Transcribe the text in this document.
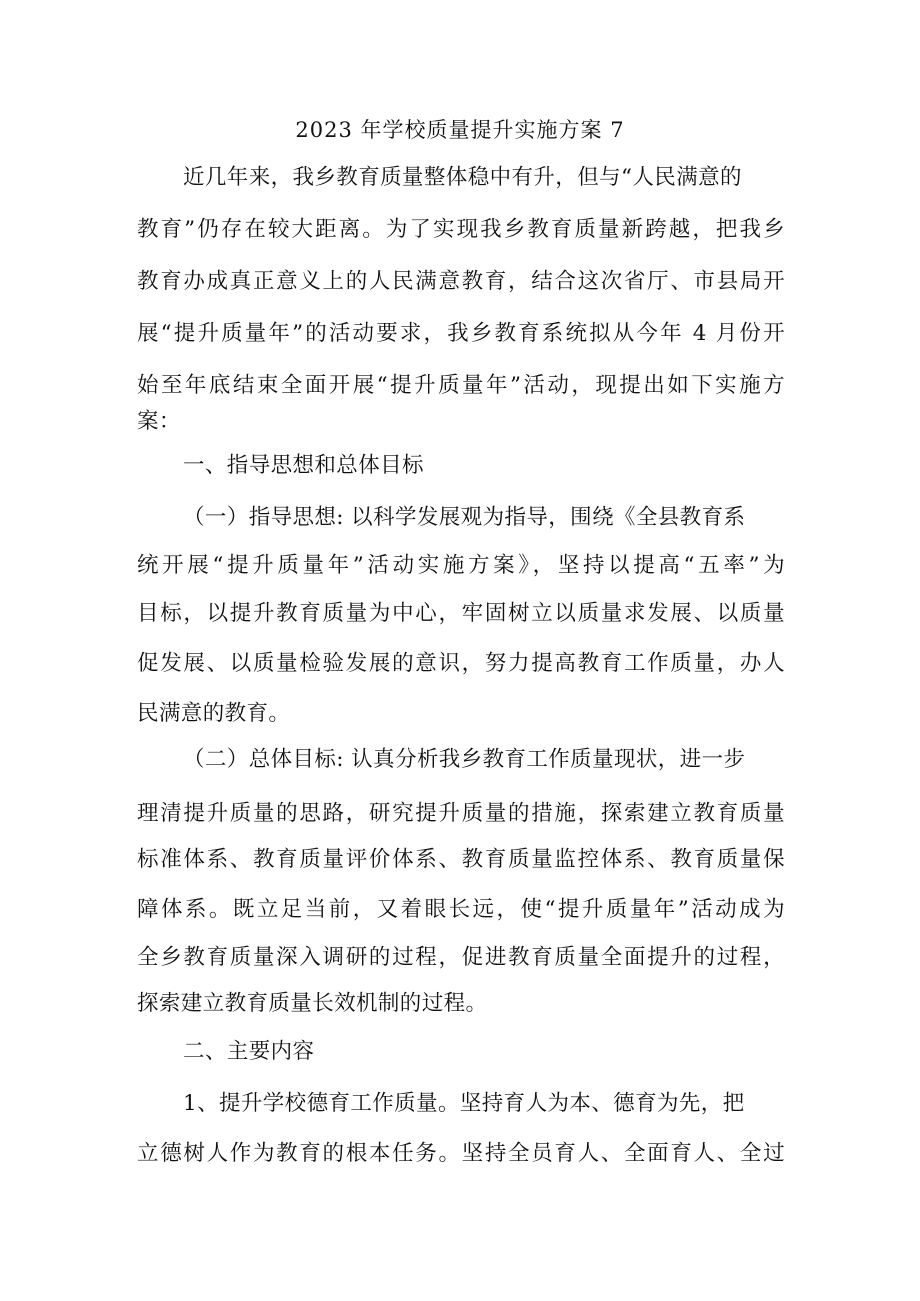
2023 年学校质量提升实施方案 7
近几年来，我乡教育质量整体稳中有升，但与“人民满意的
教育”仍存在较大距离。为了实现我乡教育质量新跨越，把我乡
教育办成真正意义上的人民满意教育，结合这次省厅、市县局开
展“提升质量年”的活动要求，我乡教育系统拟从今年 4 月份开
始至年底结束全面开展“提升质量年”活动，现提出如下实施方
案：
一、指导思想和总体目标
（一）指导思想: 以科学发展观为指导，围绕《全县教育系
统开展“提升质量年”活动实施方案》，坚持以提高“五率”为
目标，以提升教育质量为中心，牢固树立以质量求发展、以质量
促发展、以质量检验发展的意识，努力提高教育工作质量，办人
民满意的教育。
（二）总体目标: 认真分析我乡教育工作质量现状，进一步
理清提升质量的思路，研究提升质量的措施，探索建立教育质量
标准体系、教育质量评价体系、教育质量监控体系、教育质量保
障体系。既立足当前，又着眼长远，使“提升质量年”活动成为
全乡教育质量深入调研的过程，促进教育质量全面提升的过程，
探索建立教育质量长效机制的过程。
二、主要内容
1、提升学校德育工作质量。坚持育人为本、德育为先，把
立德树人作为教育的根本任务。坚持全员育人、全面育人、全过
